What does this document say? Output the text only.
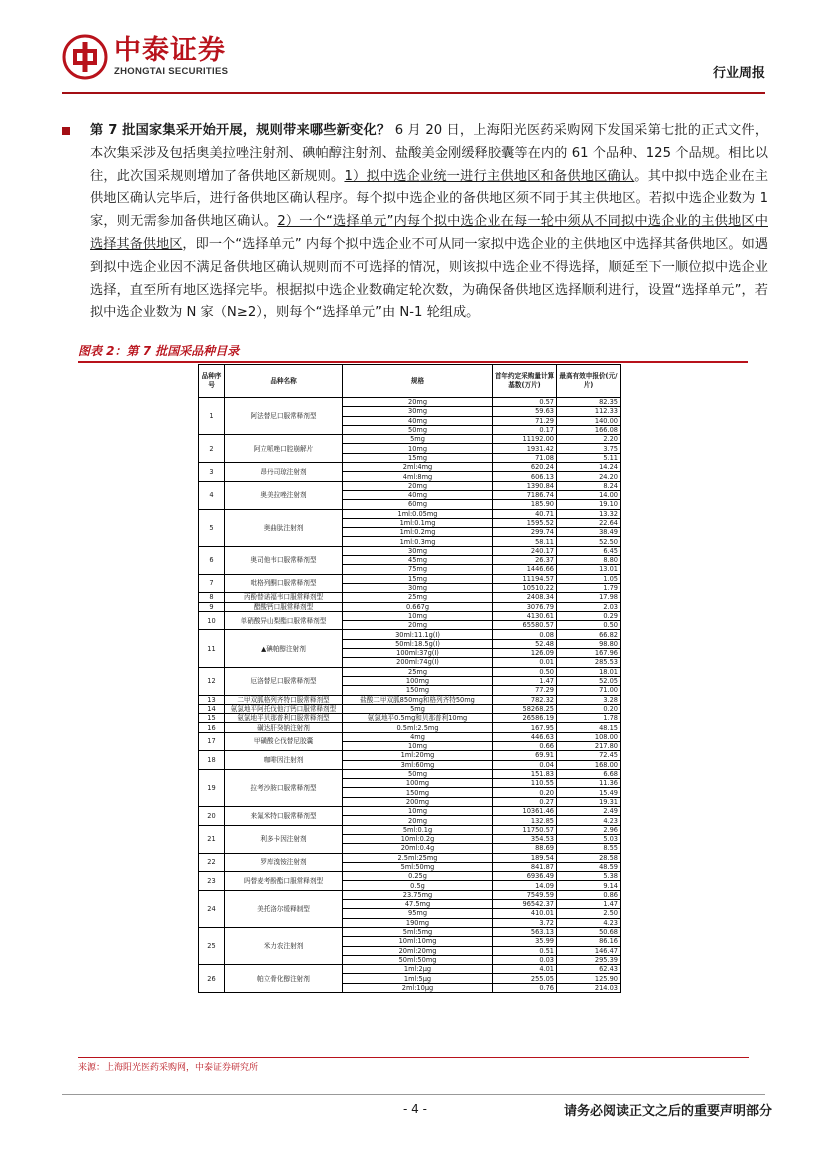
中泰证券
ZHONGTAI SECURITIES	行业周报
第 7 批国家集采开始开展，规则带来哪些新变化？ 6 月 20 日，上海阳光医药采购网下发国采第七批的正式文件，本次集采涉及包括奥美拉唑注射剂、碘帕醇注射剂、盐酸美金刚缓释胶囊等在内的 61 个品种、125 个品规。相比以往，此次国采规则增加了备供地区新规则。1）拟中选企业统一进行主供地区和备供地区确认。其中拟中选企业在主供地区确认完毕后，进行备供地区确认程序。每个拟中选企业的备供地区须不同于其主供地区。若拟中选企业数为 1 家，则无需参加备供地区确认。2）一个“选择单元”内每个拟中选企业在每一轮中须从不同拟中选企业的主供地区中选择其备供地区，即一个“选择单元” 内每个拟中选企业不可从同一家拟中选企业的主供地区中选择其备供地区。如遇到拟中选企业因不满足备供地区确认规则而不可选择的情况，则该拟中选企业不得选择，顺延至下一顺位拟中选企业选择，直至所有地区选择完毕。根据拟中选企业数确定轮次数，为确保备供地区选择顺利进行，设置“选择单元”，若拟中选企业数为 N 家（N≥2），则每个“选择单元”由 N-1 轮组成。
图表 2：第 7 批国采品种目录
品种序号	品种名称	规格	首年约定采购量计算基数(万片)	最高有效申报价(元/片)
1	阿法替尼口服常释剂型	20mg	0.57	82.35
		30mg	59.63	112.33
		40mg	71.29	140.00
		50mg	0.17	166.08
2	阿立哌唑口腔崩解片	5mg	11192.00	2.20
		10mg	1931.42	3.75
		15mg	71.08	5.11
3	昂丹司琼注射剂	2ml:4mg	620.24	14.24
		4ml:8mg	606.13	24.20
4	奥美拉唑注射剂	20mg	1390.84	8.24
		40mg	7186.74	14.00
		60mg	185.90	19.10
5	奥曲肽注射剂	1ml:0.05mg	40.71	13.32
		1ml:0.1mg	1595.52	22.64
		1ml:0.2mg	299.74	38.49
		1ml:0.3mg	58.11	52.50
6	奥司他韦口服常释剂型	30mg	240.17	6.45
		45mg	26.37	8.80
		75mg	1446.66	13.01
7	吡格列酮口服常释剂型	15mg	11194.57	1.05
		30mg	10510.22	1.79
8	丙酚替诺福韦口服常释剂型	25mg	2408.34	17.98
9	醋酸钙口服常释剂型	0.667g	3076.79	2.03
10	单硝酸异山梨酯口服常释剂型	10mg	4130.61	0.29
		20mg	65580.57	0.50
11	▲碘帕醇注射剂	30ml:11.1g(I)	0.08	66.82
		50ml:18.5g(I)	52.48	98.80
		100ml:37g(I)	126.09	167.96
		200ml:74g(I)	0.01	285.53
12	厄洛替尼口服常释剂型	25mg	0.50	18.01
		100mg	1.47	52.05
		150mg	77.29	71.00
13	二甲双胍格列齐特口服常释剂型	盐酸二甲双胍850mg和格列齐特50mg	782.32	3.28
14	氨氯地平阿托伐他汀钙口服常释剂型	5mg	58268.25	0.20
15	氨氯地平贝那普利口服常释剂型	氨氯地平0.5mg和贝那普利10mg	26586.19	1.78
16	磺达肝癸钠注射剂	0.5ml:2.5mg	167.95	48.15
17	甲磺酸仑伐替尼胶囊	4mg	446.63	108.00
		10mg	0.66	217.80
18	咖啡因注射剂	1ml:20mg	69.91	72.45
		3ml:60mg	0.04	168.00
19	拉考沙胺口服常释剂型	50mg	151.83	6.68
		100mg	110.55	11.36
		150mg	0.20	15.49
		200mg	0.27	19.31
20	来氟米特口服常释剂型	10mg	10361.46	2.49
		20mg	132.85	4.23
21	利多卡因注射剂	5ml:0.1g	11750.57	2.96
		10ml:0.2g	354.53	5.03
		20ml:0.4g	88.69	8.55
22	罗库溴铵注射剂	2.5ml:25mg	189.54	28.58
		5ml:50mg	841.87	48.59
23	吗替麦考酚酯口服常释剂型	0.25g	6936.49	5.38
		0.5g	14.09	9.14
24	美托洛尔缓释制型	23.75mg	7549.59	0.86
		47.5mg	96542.37	1.47
		95mg	410.01	2.50
		190mg	3.72	4.23
25	米力农注射剂	5ml:5mg	563.13	50.68
		10ml:10mg	35.99	86.16
		20ml:20mg	0.51	146.47
		50ml:50mg	0.03	295.39
26	帕立骨化醇注射剂	1ml:2μg	4.01	62.43
		1ml:5μg	255.05	125.90
		2ml:10μg	0.76	214.03
来源：上海阳光医药采购网，中泰证券研究所
- 4 -	请务必阅读正文之后的重要声明部分
